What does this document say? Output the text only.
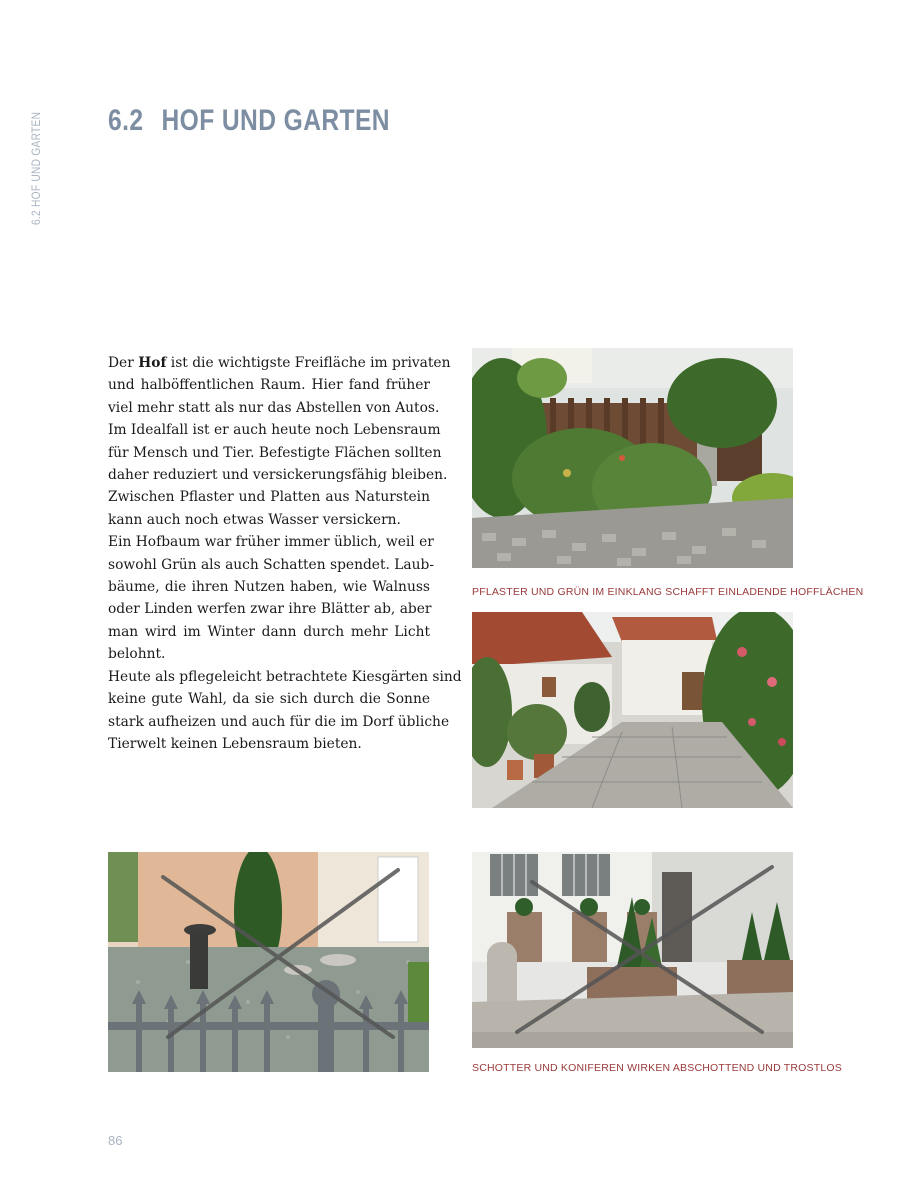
6.2 HOF UND GARTEN 6.2 HOF UND GARTEN
Der Hof ist die wichtigste Freifläche im privaten
und halböffentlichen Raum. Hier fand früher
viel mehr statt als nur das Abstellen von Autos.
Im Idealfall ist er auch heute noch Lebensraum
für Mensch und Tier. Befestigte Flächen sollten
daher reduziert und versickerungsfähig bleiben.
Zwischen Pflaster und Platten aus Naturstein
kann auch noch etwas Wasser versickern.
Ein Hofbaum war früher immer üblich, weil er
sowohl Grün als auch Schatten spendet. Laub-
bäume, die ihren Nutzen haben, wie Walnuss
oder Linden werfen zwar ihre Blätter ab, aber
man wird im Winter dann durch mehr Licht
belohnt.
Heute als pflegeleicht betrachtete Kiesgärten sind
keine gute Wahl, da sie sich durch die Sonne
stark aufheizen und auch für die im Dorf übliche
Tierwelt keinen Lebensraum bieten.
PFLASTER UND GRÜN IM EINKLANG SCHAFFT EINLADENDE HOFFLÄCHEN
SCHOTTER UND KONIFEREN WIRKEN ABSCHOTTEND UND TROSTLOS
86
